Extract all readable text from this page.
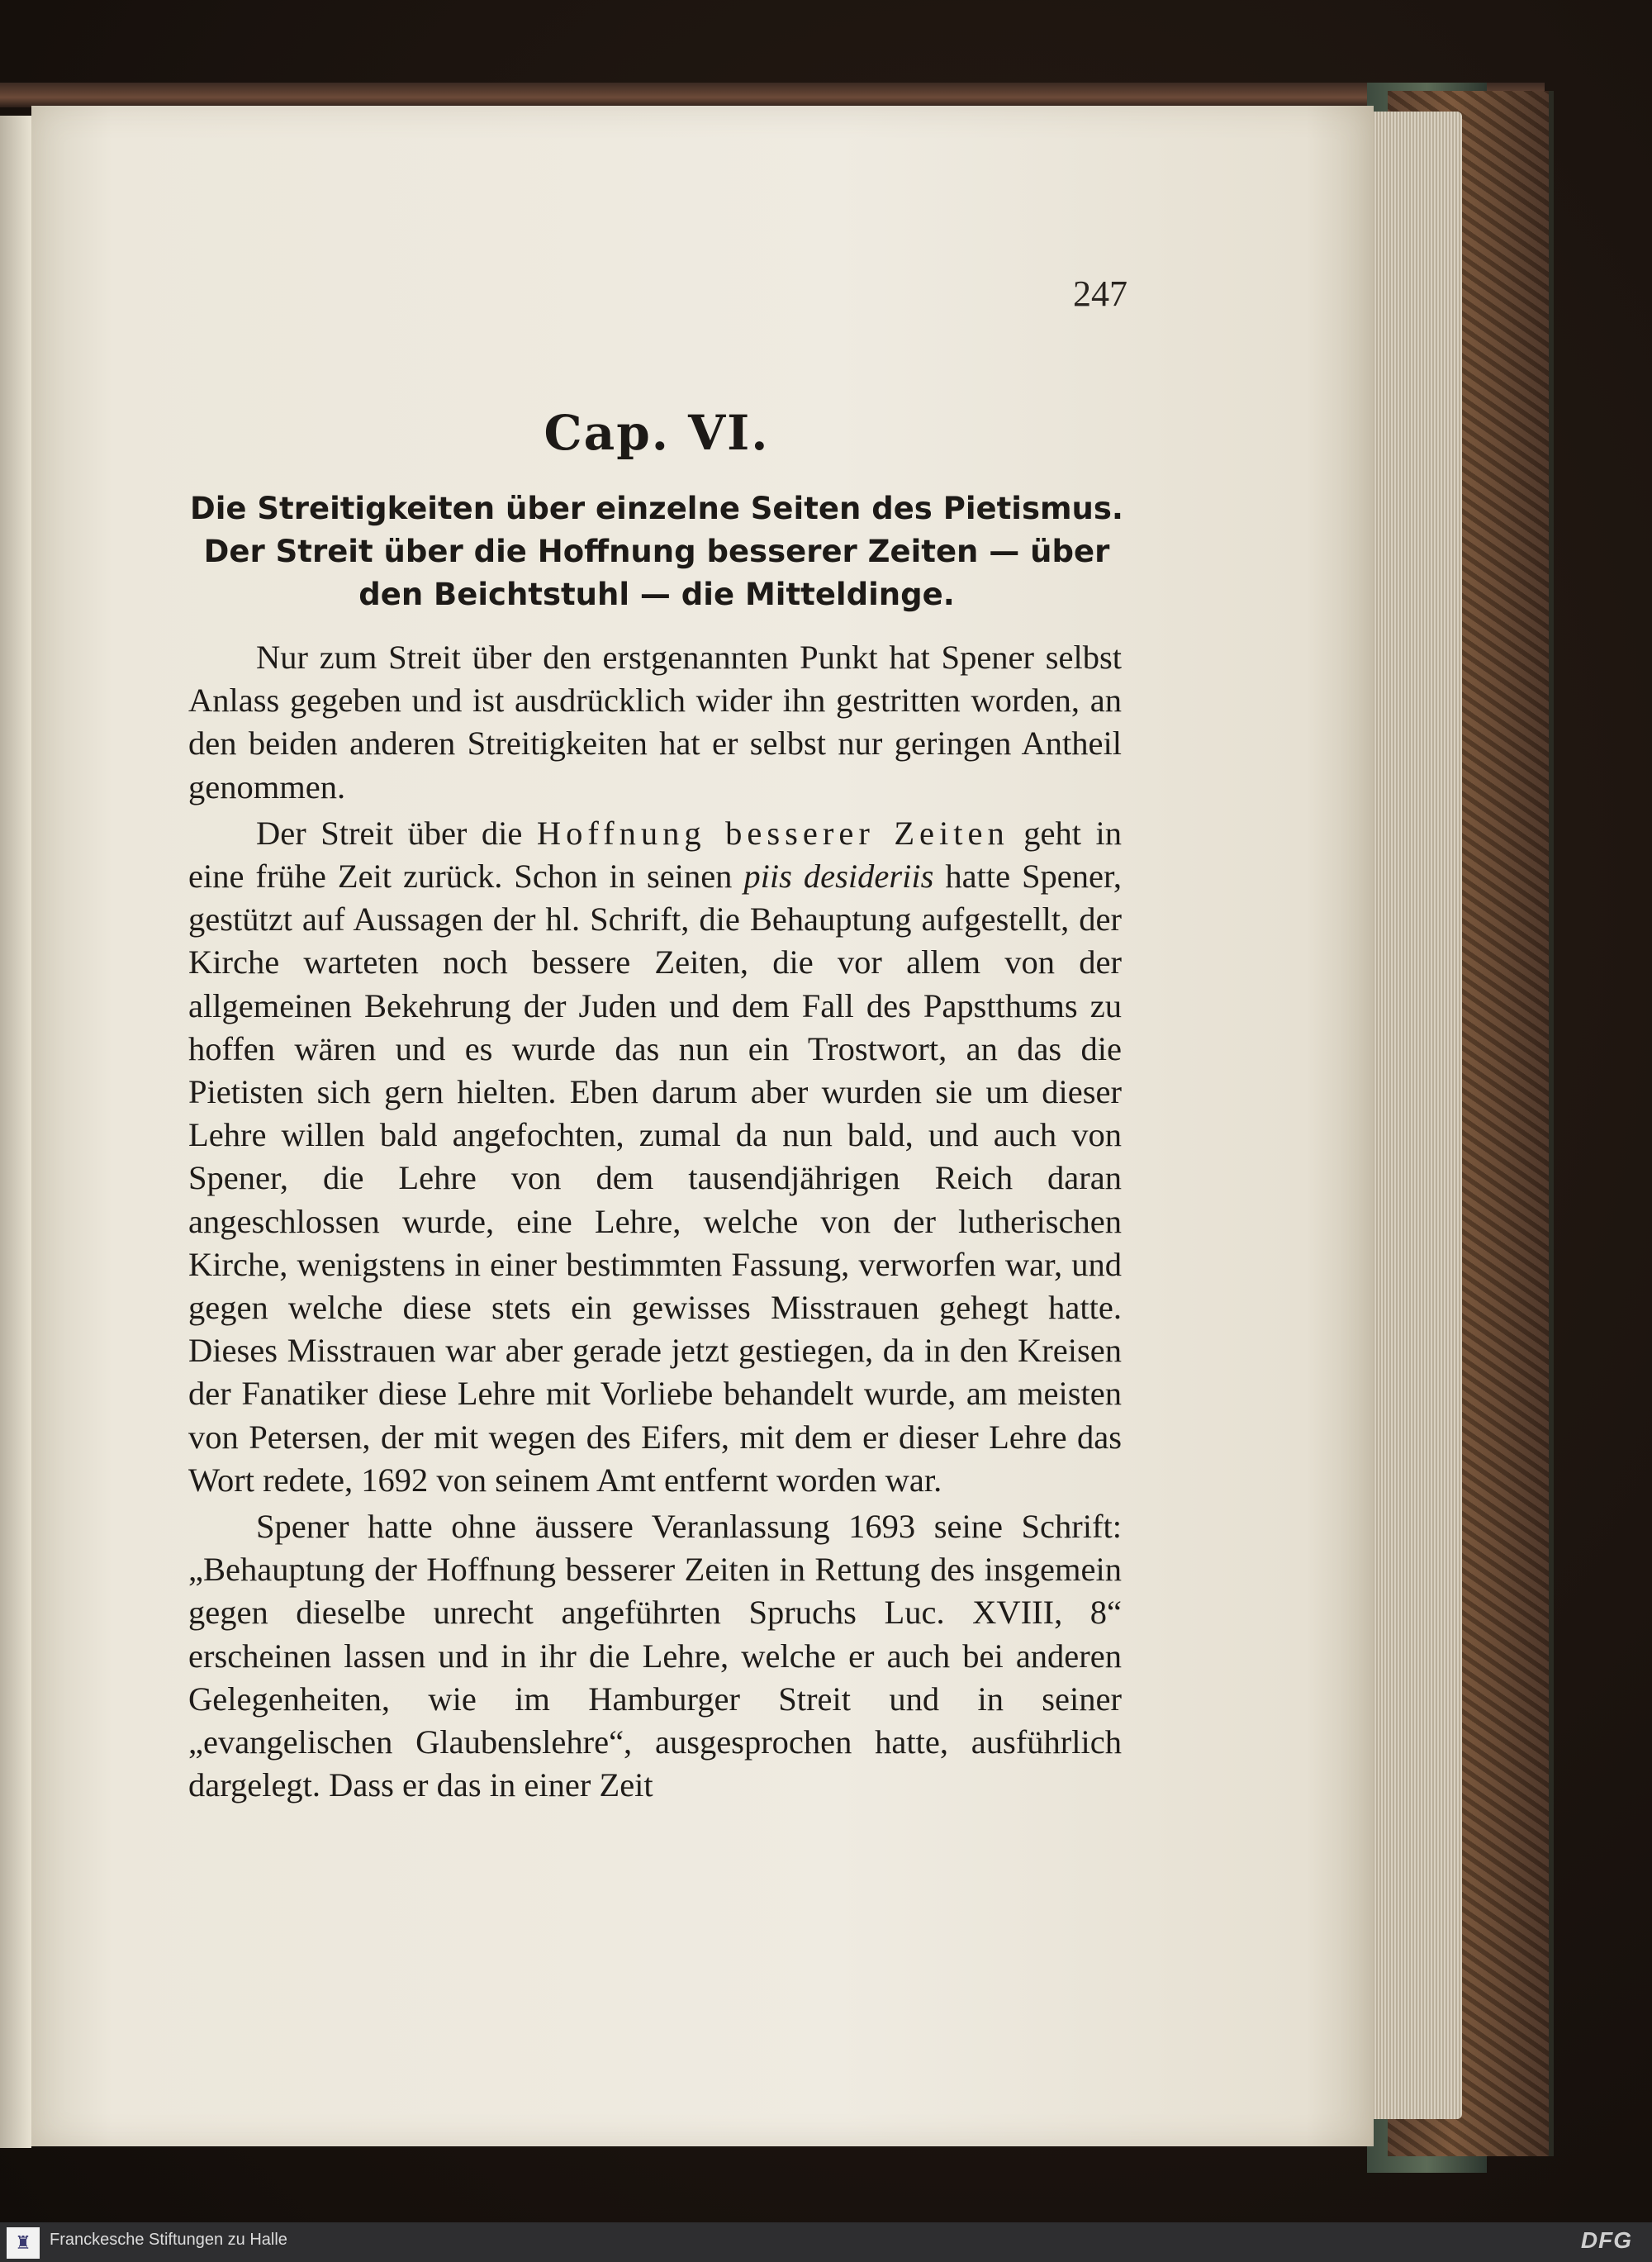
247
Cap. VI.
Die Streitigkeiten über einzelne Seiten des Pietismus. Der Streit über die Hoffnung besserer Zeiten — über den Beichtstuhl — die Mitteldinge.

Nur zum Streit über den erstgenannten Punkt hat Spener selbst Anlass gegeben und ist ausdrücklich wider ihn gestritten worden, an den beiden anderen Streitigkeiten hat er selbst nur geringen Antheil genommen.

Der Streit über die Hoffnung besserer Zeiten geht in eine frühe Zeit zurück. Schon in seinen piis desideriis hatte Spener, gestützt auf Aussagen der hl. Schrift, die Behauptung aufgestellt, der Kirche warteten noch bessere Zeiten, die vor allem von der allgemeinen Bekehrung der Juden und dem Fall des Papstthums zu hoffen wären und es wurde das nun ein Trostwort, an das die Pietisten sich gern hielten. Eben darum aber wurden sie um dieser Lehre willen bald angefochten, zumal da nun bald, und auch von Spener, die Lehre von dem tausendjährigen Reich daran angeschlossen wurde, eine Lehre, welche von der lutherischen Kirche, wenigstens in einer bestimmten Fassung, verworfen war, und gegen welche diese stets ein gewisses Misstrauen gehegt hatte. Dieses Misstrauen war aber gerade jetzt gestiegen, da in den Kreisen der Fanatiker diese Lehre mit Vorliebe behandelt wurde, am meisten von Petersen, der mit wegen des Eifers, mit dem er dieser Lehre das Wort redete, 1692 von seinem Amt entfernt worden war.

Spener hatte ohne äussere Veranlassung 1693 seine Schrift: „Behauptung der Hoffnung besserer Zeiten in Rettung des insgemein gegen dieselbe unrecht angeführten Spruchs Luc. XVIII, 8“ erscheinen lassen und in ihr die Lehre, welche er auch bei anderen Gelegenheiten, wie im Hamburger Streit und in seiner „evangelischen Glaubenslehre“, ausgesprochen hatte, ausführlich dargelegt. Dass er das in einer Zeit

♜	Franckesche Stiftungen zu Halle	DFG
